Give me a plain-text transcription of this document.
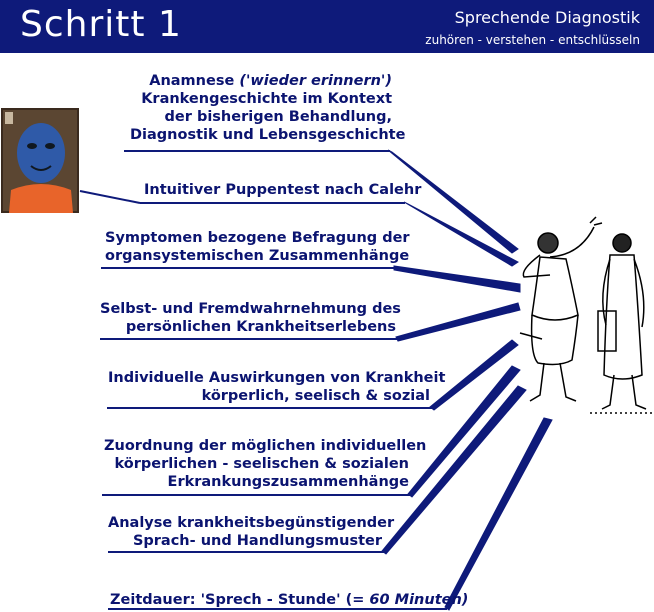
Schritt 1	Sprechende Diagnostik
zuhören - verstehen - entschlüsseln
Anamnese ('wieder erinnern')
Krankengeschichte im Kontext
der bisherigen Behandlung,
Diagnostik und Lebensgeschichte
Intuitiver Puppentest nach Calehr
Symptomen bezogene Befragung der
organsystemischen Zusammenhänge
Selbst- und Fremdwahrnehmung des
persönlichen Krankheitserlebens
Individuelle Auswirkungen von Krankheit
körperlich, seelisch & sozial
Zuordnung der möglichen individuellen
körperlichen - seelischen & sozialen
Erkrankungszusammenhänge
Analyse krankheitsbegünstigender
Sprach- und Handlungsmuster
Zeitdauer: 'Sprech - Stunde' (= 60 Minuten)
